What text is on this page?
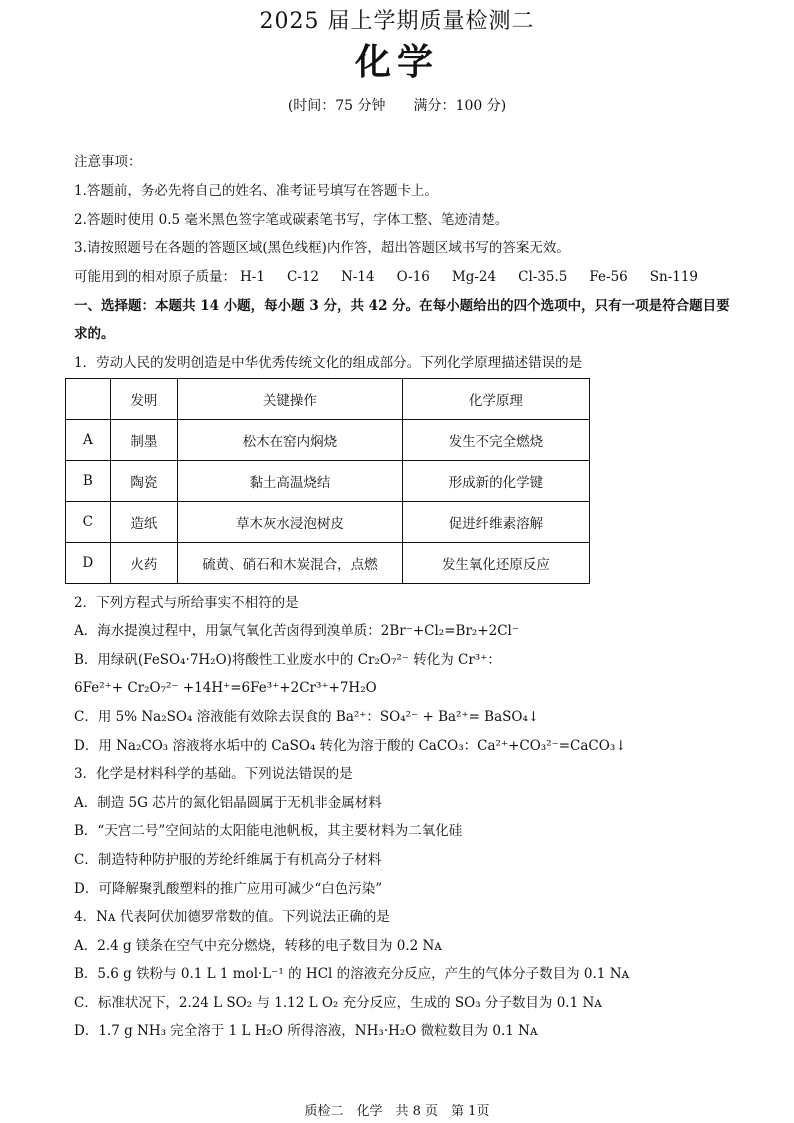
2025 届上学期质量检测二
化学
(时间：75 分钟　　满分：100 分)
注意事项：
1.答题前，务必先将自己的姓名、准考证号填写在答题卡上。
2.答题时使用 0.5 毫米黑色签字笔或碳素笔书写，字体工整、笔迹清楚。
3.请按照题号在各题的答题区域(黑色线框)内作答，超出答题区域书写的答案无效。
可能用到的相对原子质量： H-1 C-12 N-14 O-16 Mg-24 Cl-35.5 Fe-56 Sn-119
一、选择题：本题共 14 小题，每小题 3 分，共 42 分。在每小题给出的四个选项中，只有一项是符合题目要
求的。
1．劳动人民的发明创造是中华优秀传统文化的组成部分。下列化学原理描述错误的是
	发明	关键操作	化学原理
A	制墨	松木在窑内焖烧	发生不完全燃烧
B	陶瓷	黏土高温烧结	形成新的化学键
C	造纸	草木灰水浸泡树皮	促进纤维素溶解
D	火药	硫黄、硝石和木炭混合，点燃	发生氧化还原反应
2．下列方程式与所给事实不相符的是
A．海水提溴过程中，用氯气氧化苦卤得到溴单质：2Br⁻+Cl₂=Br₂+2Cl⁻
B．用绿矾(FeSO₄·7H₂O)将酸性工业废水中的 Cr₂O₇²⁻ 转化为 Cr³⁺：
6Fe²⁺+ Cr₂O₇²⁻ +14H⁺=6Fe³⁺+2Cr³⁺+7H₂O
C．用 5% Na₂SO₄ 溶液能有效除去误食的 Ba²⁺：SO₄²⁻ + Ba²⁺= BaSO₄↓
D．用 Na₂CO₃ 溶液将水垢中的 CaSO₄ 转化为溶于酸的 CaCO₃：Ca²⁺+CO₃²⁻=CaCO₃↓
3．化学是材料科学的基础。下列说法错误的是
A．制造 5G 芯片的氮化铝晶圆属于无机非金属材料
B．“天宫二号”空间站的太阳能电池帆板，其主要材料为二氧化硅
C．制造特种防护服的芳纶纤维属于有机高分子材料
D．可降解聚乳酸塑料的推广应用可减少“白色污染”
4．Nᴀ 代表阿伏加德罗常数的值。下列说法正确的是
A．2.4 g 镁条在空气中充分燃烧，转移的电子数目为 0.2 Nᴀ
B．5.6 g 铁粉与 0.1 L 1 mol·L⁻¹ 的 HCl 的溶液充分反应，产生的气体分子数目为 0.1 Nᴀ
C．标准状况下，2.24 L SO₂ 与 1.12 L O₂ 充分反应，生成的 SO₃ 分子数目为 0.1 Nᴀ
D．1.7 g NH₃ 完全溶于 1 L H₂O 所得溶液，NH₃·H₂O 微粒数目为 0.1 Nᴀ
质检二　化学　共 8 页　第 1页
